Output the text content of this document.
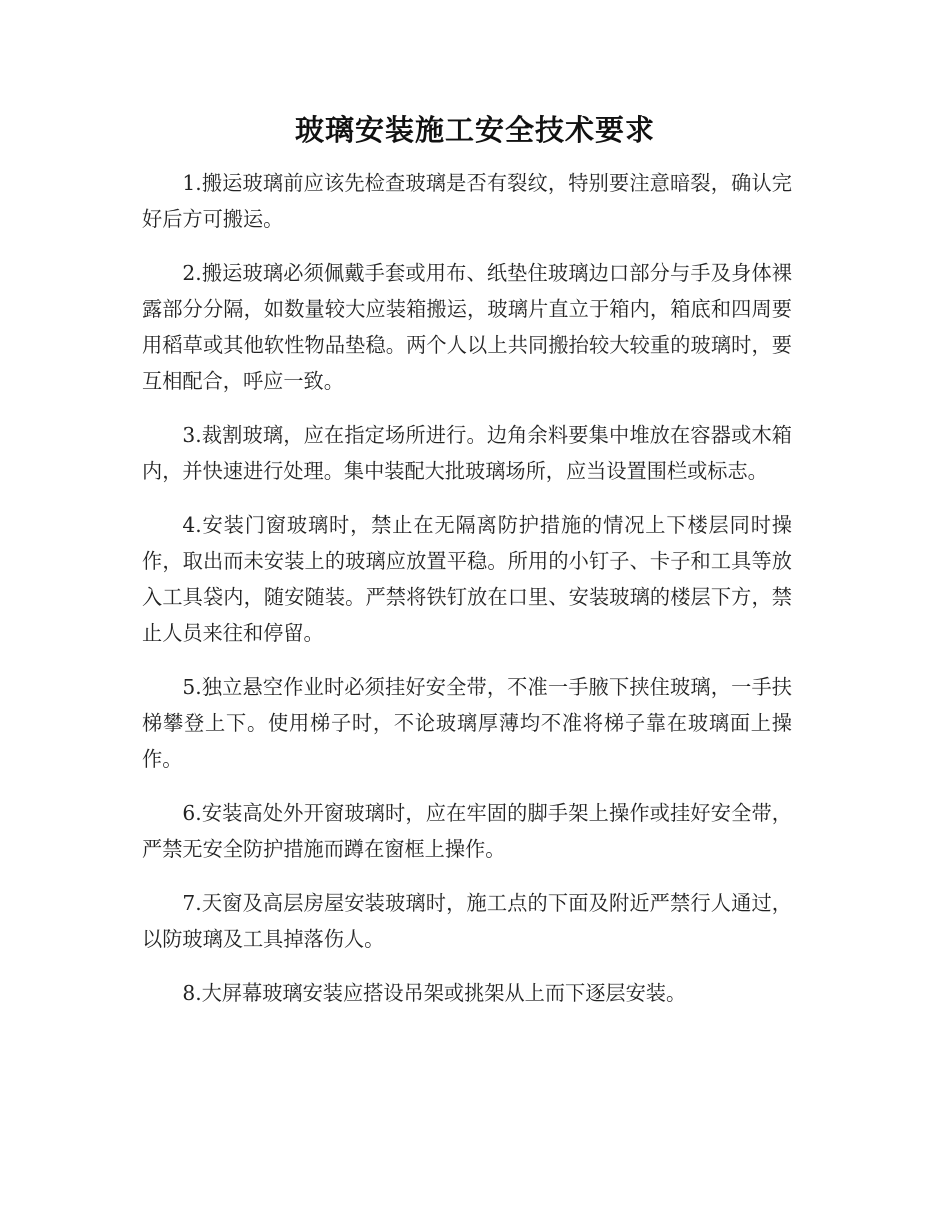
玻璃安装施工安全技术要求

1.搬运玻璃前应该先检查玻璃是否有裂纹，特别要注意暗裂，确认完好后方可搬运。

2.搬运玻璃必须佩戴手套或用布、纸垫住玻璃边口部分与手及身体裸露部分分隔，如数量较大应装箱搬运，玻璃片直立于箱内，箱底和四周要用稻草或其他软性物品垫稳。两个人以上共同搬抬较大较重的玻璃时，要互相配合，呼应一致。

3.裁割玻璃，应在指定场所进行。边角余料要集中堆放在容器或木箱内，并快速进行处理。集中装配大批玻璃场所，应当设置围栏或标志。

4.安装门窗玻璃时，禁止在无隔离防护措施的情况上下楼层同时操作，取出而未安装上的玻璃应放置平稳。所用的小钉子、卡子和工具等放入工具袋内，随安随装。严禁将铁钉放在口里、安装玻璃的楼层下方，禁止人员来往和停留。

5.独立悬空作业时必须挂好安全带，不准一手腋下挟住玻璃，一手扶梯攀登上下。使用梯子时，不论玻璃厚薄均不准将梯子靠在玻璃面上操作。

6.安装高处外开窗玻璃时，应在牢固的脚手架上操作或挂好安全带，严禁无安全防护措施而蹲在窗框上操作。

7.天窗及高层房屋安装玻璃时，施工点的下面及附近严禁行人通过，以防玻璃及工具掉落伤人。

8.大屏幕玻璃安装应搭设吊架或挑架从上而下逐层安装。
